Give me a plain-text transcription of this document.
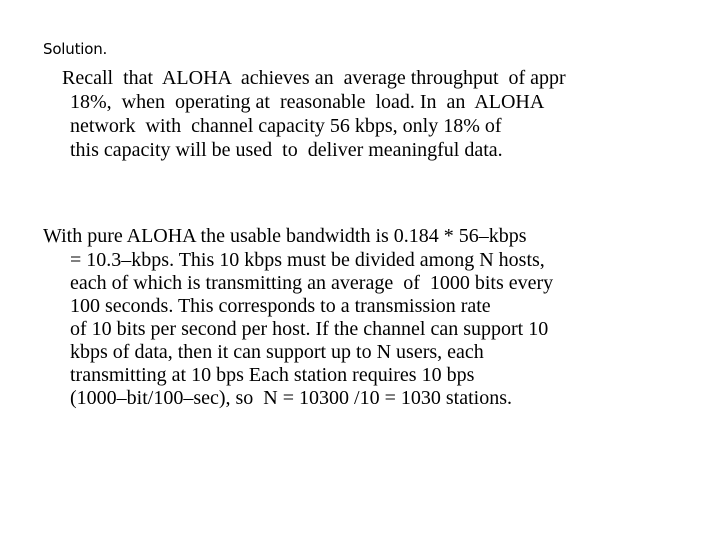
Solution.
Recall  that  ALOHA  achieves an  average throughput  of appr
18%,  when  operating at  reasonable  load. In  an  ALOHA
network  with  channel capacity 56 kbps, only 18% of
this capacity will be used  to  deliver meaningful data.
With pure ALOHA the usable bandwidth is 0.184 * 56–kbps
= 10.3–kbps. This 10 kbps must be divided among N hosts,
each of which is transmitting an average  of  1000 bits every
100 seconds. This corresponds to a transmission rate
of 10 bits per second per host. If the channel can support 10
kbps of data, then it can support up to N users, each
transmitting at 10 bps Each station requires 10 bps
(1000–bit/100–sec), so  N = 10300 /10 = 1030 stations.
